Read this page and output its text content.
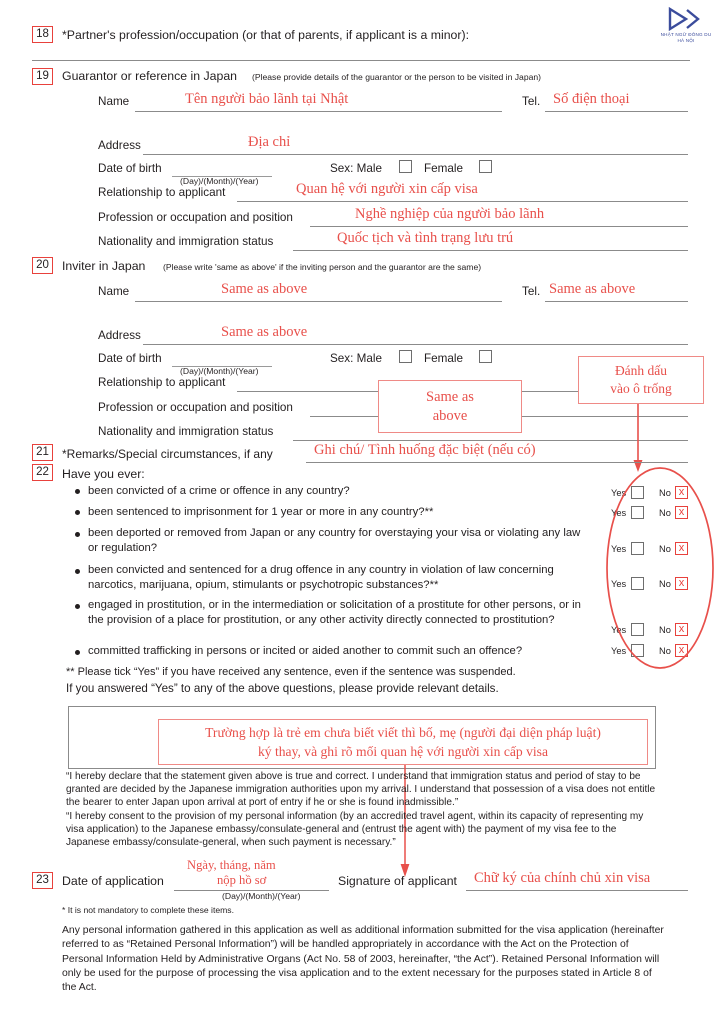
NHẬT NGỮ ĐÔNG DU
HÀ NỘI
18	*Partner's profession/occupation (or that of parents, if applicant is a minor):
19	Guarantor or reference in Japan (Please provide details of the guarantor or the person to be visited in Japan)
Name	Tên người bảo lãnh tại Nhật	Tel. Số điện thoại
Address	Địa chỉ
Date of birth
(Day)/(Month)/(Year)
Sex: Male	Female
Relationship to applicant	Quan hệ với người xin cấp visa
Profession or occupation and position	Nghề nghiệp của người bảo lãnh
Nationality and immigration status	Quốc tịch và tình trạng lưu trú
20	Inviter in Japan (Please write 'same as above' if the inviting person and the guarantor are the same)
Name	Same as above	Tel. Same as above
Address	Same as above
Date of birth
(Day)/(Month)/(Year)
Sex: Male	Female
Relationship to applicant
Profession or occupation and position
Nationality and immigration status
Same as
above
Đánh dấu
vào ô trống
21	*Remarks/Special circumstances, if any	Ghi chú/ Tình huống đặc biệt (nếu có)
22	Have you ever:
been convicted of a crime or offence in any country?	Yes	No
x
been sentenced to imprisonment for 1 year or more in any country?**	Yes	No
x
been deported or removed from Japan or any country for overstaying your visa or violating any law or regulation?	Yes	No
x
been convicted and sentenced for a drug offence in any country in violation of law concerning narcotics, marijuana, opium, stimulants or psychotropic substances?**	Yes	No
x
engaged in prostitution, or in the intermediation or solicitation of a prostitute for other persons, or in the provision of a place for prostitution, or any other activity directly connected to prostitution?
Yes	No
x
committed trafficking in persons or incited or aided another to commit such an offence?	Yes	No
x
** Please tick “Yes” if you have received any sentence, even if the sentence was suspended.
If you answered “Yes” to any of the above questions, please provide relevant details.
Trường hợp là trẻ em chưa biết viết thì bố, mẹ (người đại diện pháp luật)
ký thay, và ghi rõ mối quan hệ với người xin cấp visa
“I hereby declare that the statement given above is true and correct. I understand that immigration status and period of stay to be granted are decided by the Japanese immigration authorities upon my arrival. I understand that possession of a visa does not entitle the bearer to enter Japan upon arrival at port of entry if he or she is found inadmissible.”
“I hereby consent to the provision of my personal information (by an accredited travel agent, within its capacity of representing my visa application) to the Japanese embassy/consulate-general and (entrust the agent with) the payment of my visa fee to the Japanese embassy/consulate-general, when such payment is necessary.”
23	Date of application
Ngày, tháng, năm
nộp hồ sơ
(Day)/(Month)/(Year)
Signature of applicant Chữ ký của chính chủ xin visa
* It is not mandatory to complete these items.
Any personal information gathered in this application as well as additional information submitted for the visa application (hereinafter referred to as “Retained Personal Information”) will be handled appropriately in accordance with the Act on the Protection of Personal Information Held by Administrative Organs (Act No. 58 of 2003, hereinafter, “the Act”). Retained Personal Information will only be used for the purpose of processing the visa application and to the extent necessary for the purposes stated in Article 8 of the Act.
